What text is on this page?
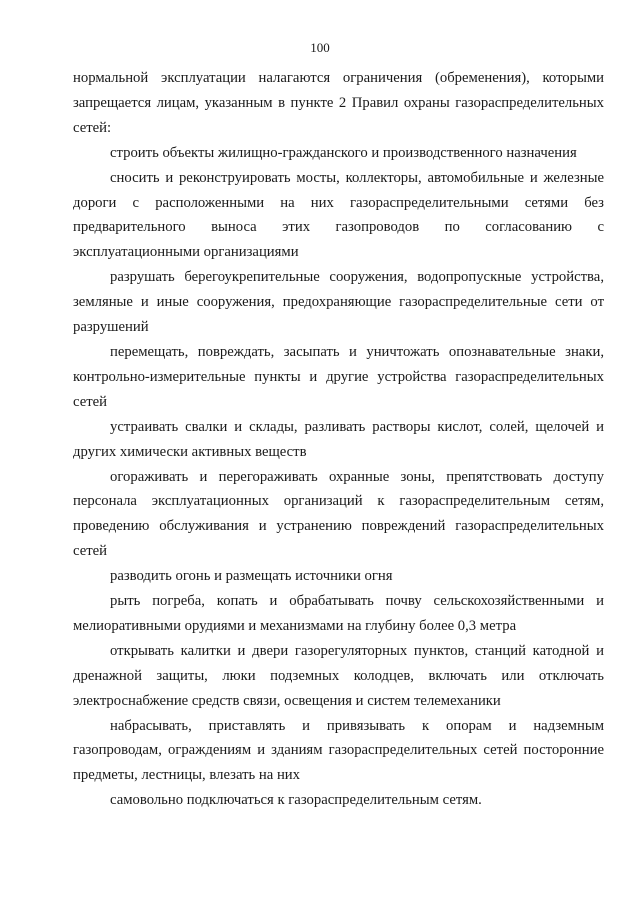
100

нормальной эксплуатации налагаются ограничения (обременения), которыми запрещается лицам, указанным в пункте 2 Правил охраны газораспределительных сетей:

строить объекты жилищно-гражданского и производственного назначения

сносить и реконструировать мосты, коллекторы, автомобильные и железные дороги с расположенными на них газораспределительными сетями без предварительного выноса этих газопроводов по согласованию с эксплуатационными организациями

разрушать берегоукрепительные сооружения, водопропускные устройства, земляные и иные сооружения, предохраняющие газораспределительные сети от разрушений

перемещать, повреждать, засыпать и уничтожать опознавательные знаки, контрольно-измерительные пункты и другие устройства газораспределительных сетей

устраивать свалки и склады, разливать растворы кислот, солей, щелочей и других химически активных веществ

огораживать и перегораживать охранные зоны, препятствовать доступу персонала эксплуатационных организаций к газораспределительным сетям, проведению обслуживания и устранению повреждений газораспределительных сетей

разводить огонь и размещать источники огня

рыть погреба, копать и обрабатывать почву сельскохозяйственными и мелиоративными орудиями и механизмами на глубину более 0,3 метра

открывать калитки и двери газорегуляторных пунктов, станций катодной и дренажной защиты, люки подземных колодцев, включать или отключать электроснабжение средств связи, освещения и систем телемеханики

набрасывать, приставлять и привязывать к опорам и надземным газопроводам, ограждениям и зданиям газораспределительных сетей посторонние предметы, лестницы, влезать на них

самовольно подключаться к газораспределительным сетям.
